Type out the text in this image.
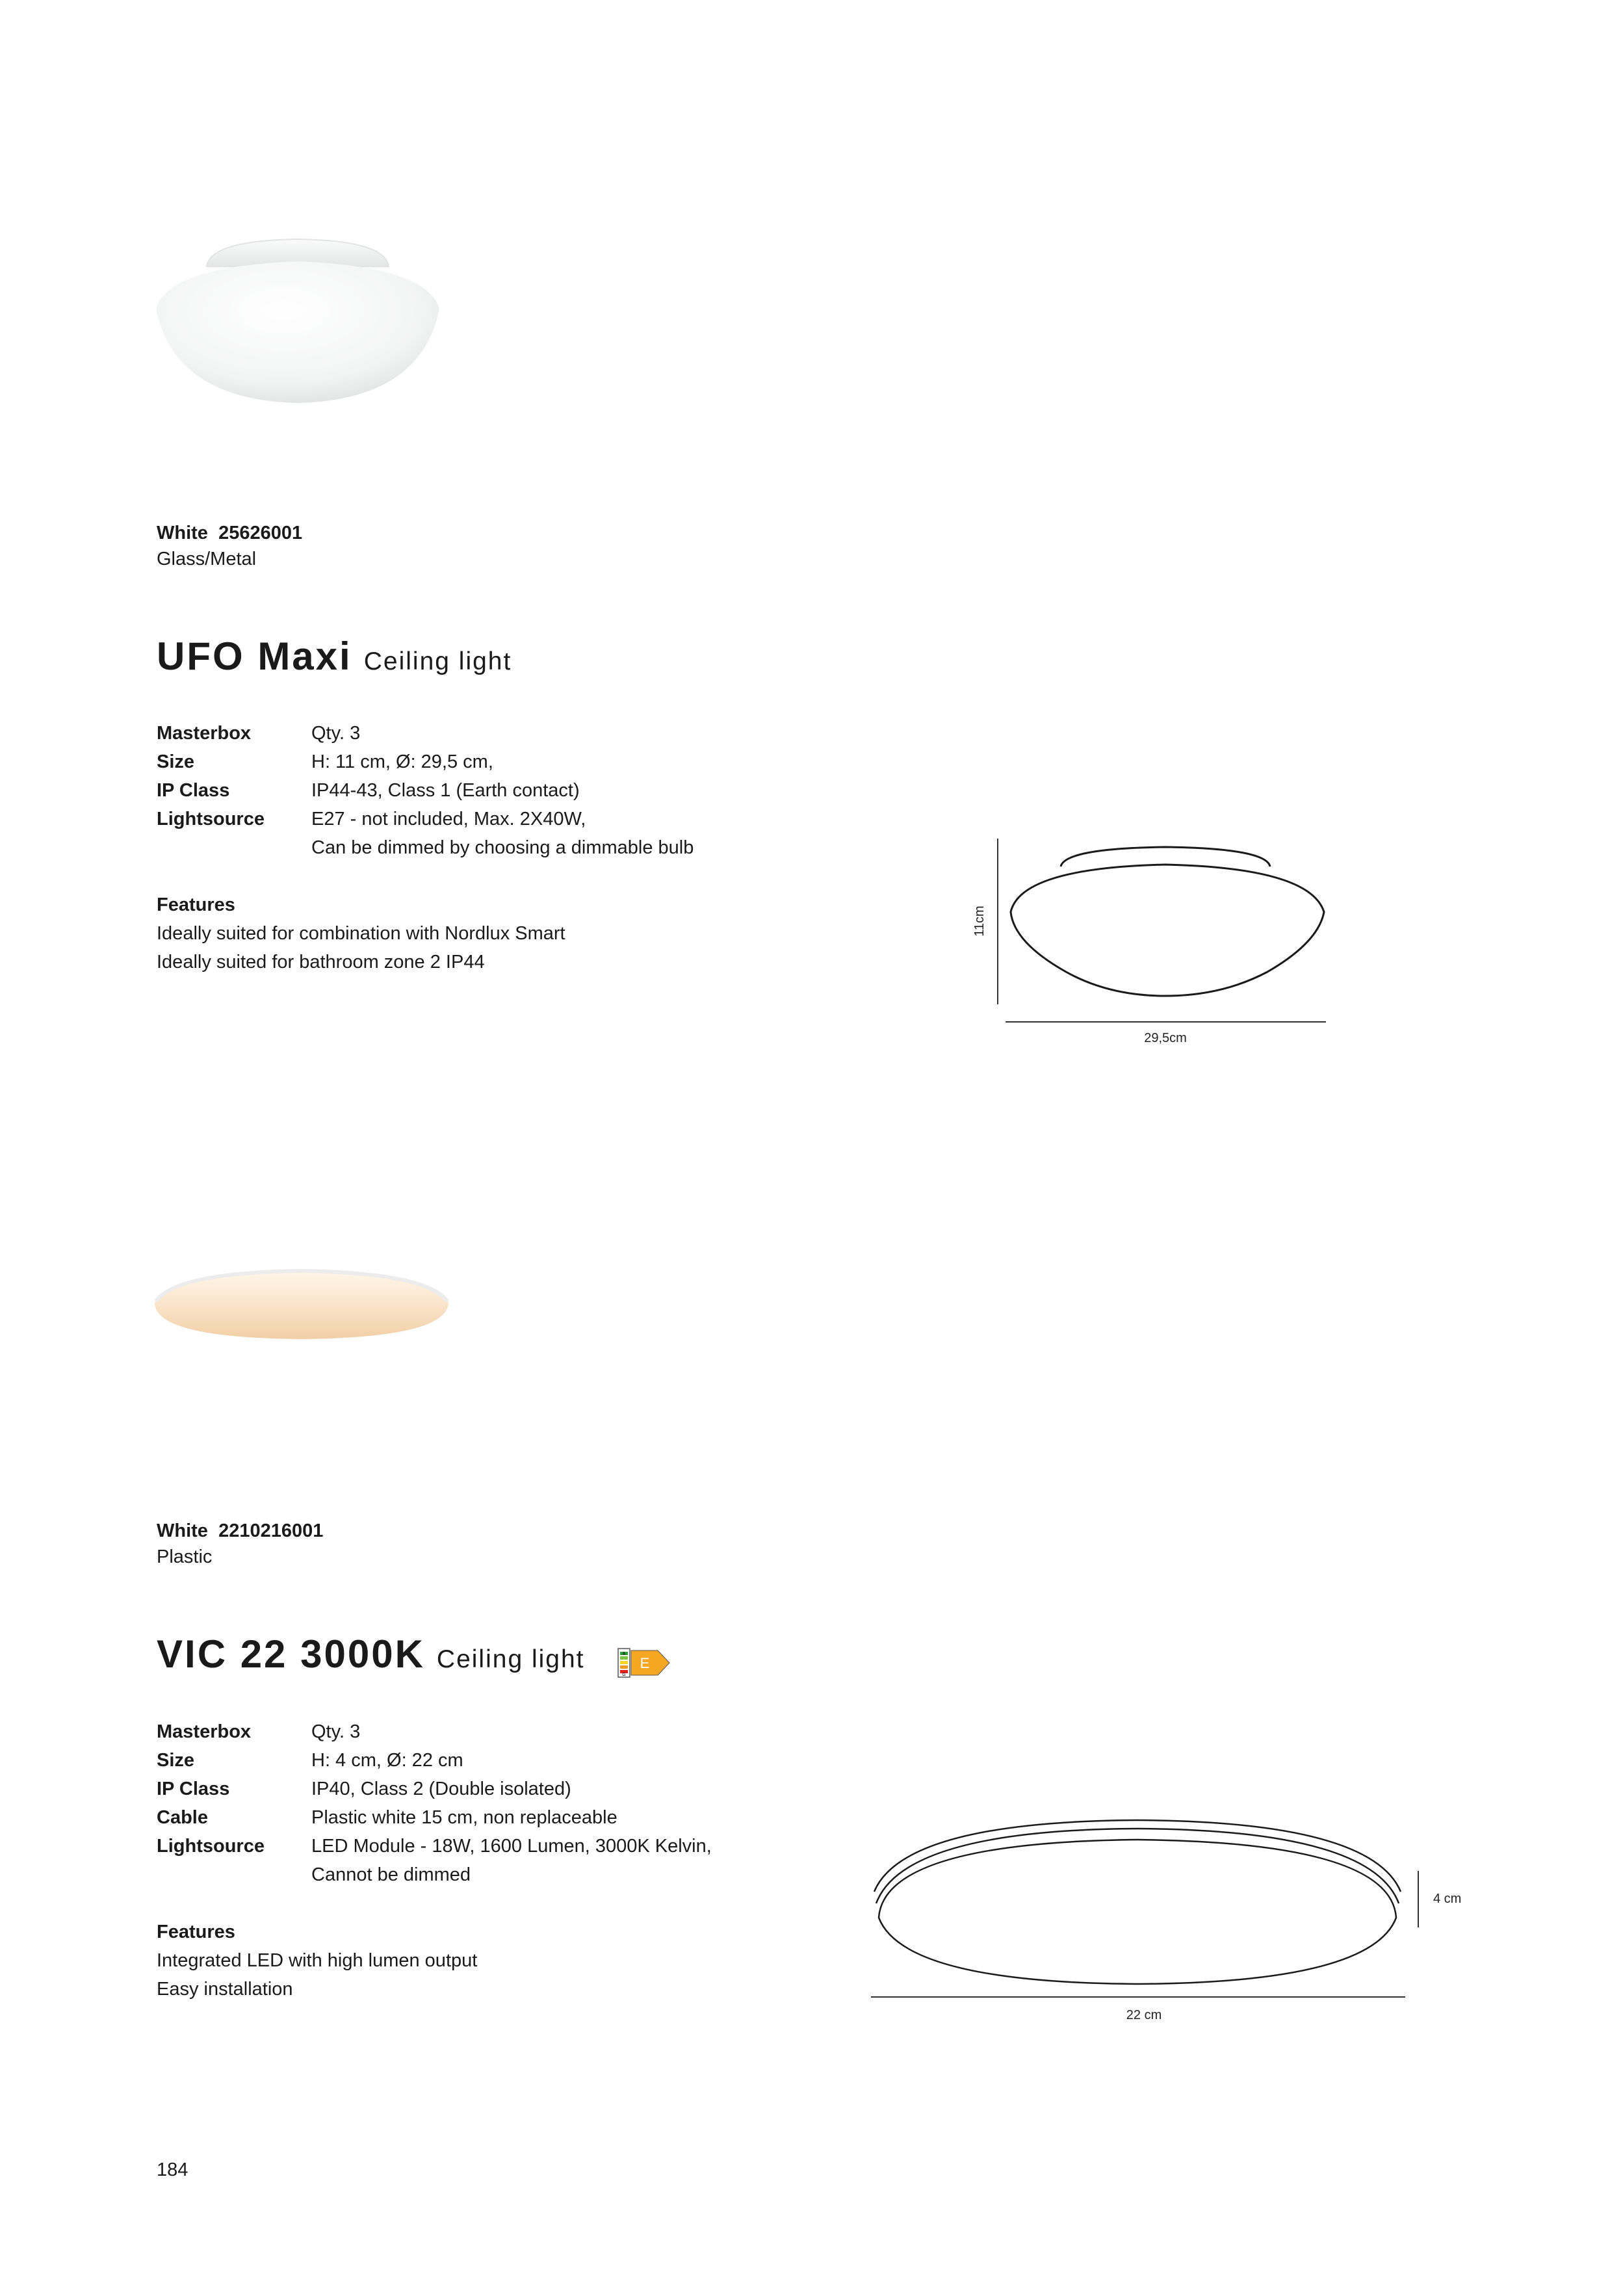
White 25626001
Glass/Metal
UFO Maxi Ceiling light
Masterbox	Qty. 3
Size	H: 11 cm, Ø: 29,5 cm,
IP Class	IP44-43, Class 1 (Earth contact)
Lightsource E27 - not included, Max. 2X40W,
Can be dimmed by choosing a dimmable bulb
Features
Ideally suited for combination with Nordlux Smart
Ideally suited for bathroom zone 2 IP44
11cm
29,5cm
White 2210216001
Plastic
VIC 22 3000K Ceiling light	A
G
E
Masterbox	Qty. 3
Size	H: 4 cm, Ø: 22 cm
IP Class	IP40, Class 2 (Double isolated)
Cable	Plastic white 15 cm, non replaceable
Lightsource LED Module - 18W, 1600 Lumen, 3000K Kelvin,
Cannot be dimmed
Features
Integrated LED with high lumen output
Easy installation
4 cm
22 cm
184
